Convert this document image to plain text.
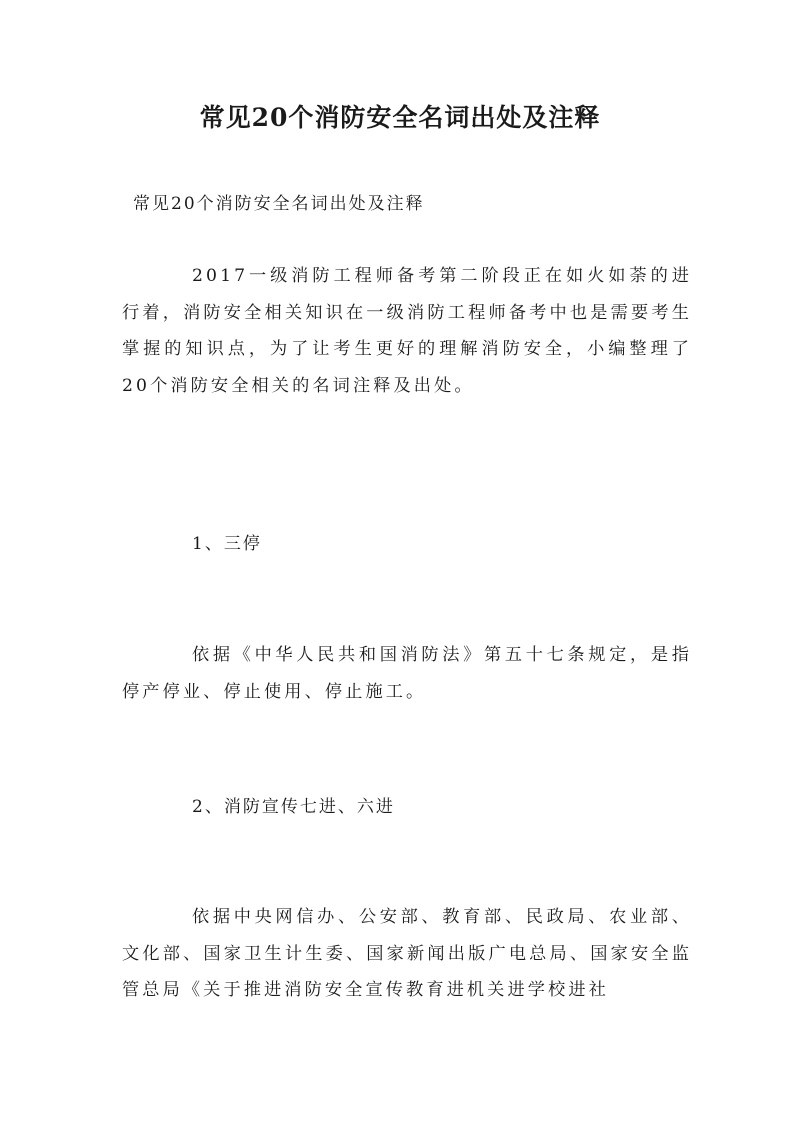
常见20个消防安全名词出处及注释
常见20个消防安全名词出处及注释

2017一级消防工程师备考第二阶段正在如火如荼的进行着，消防安全相关知识在一级消防工程师备考中也是需要考生掌握的知识点，为了让考生更好的理解消防安全，小编整理了20个消防安全相关的名词注释及出处。

1、三停

依据《中华人民共和国消防法》第五十七条规定，是指停产停业、停止使用、停止施工。

2、消防宣传七进、六进

依据中央网信办、公安部、教育部、民政局、农业部、文化部、国家卫生计生委、国家新闻出版广电总局、国家安全监管总局《关于推进消防安全宣传教育进机关进学校进社
